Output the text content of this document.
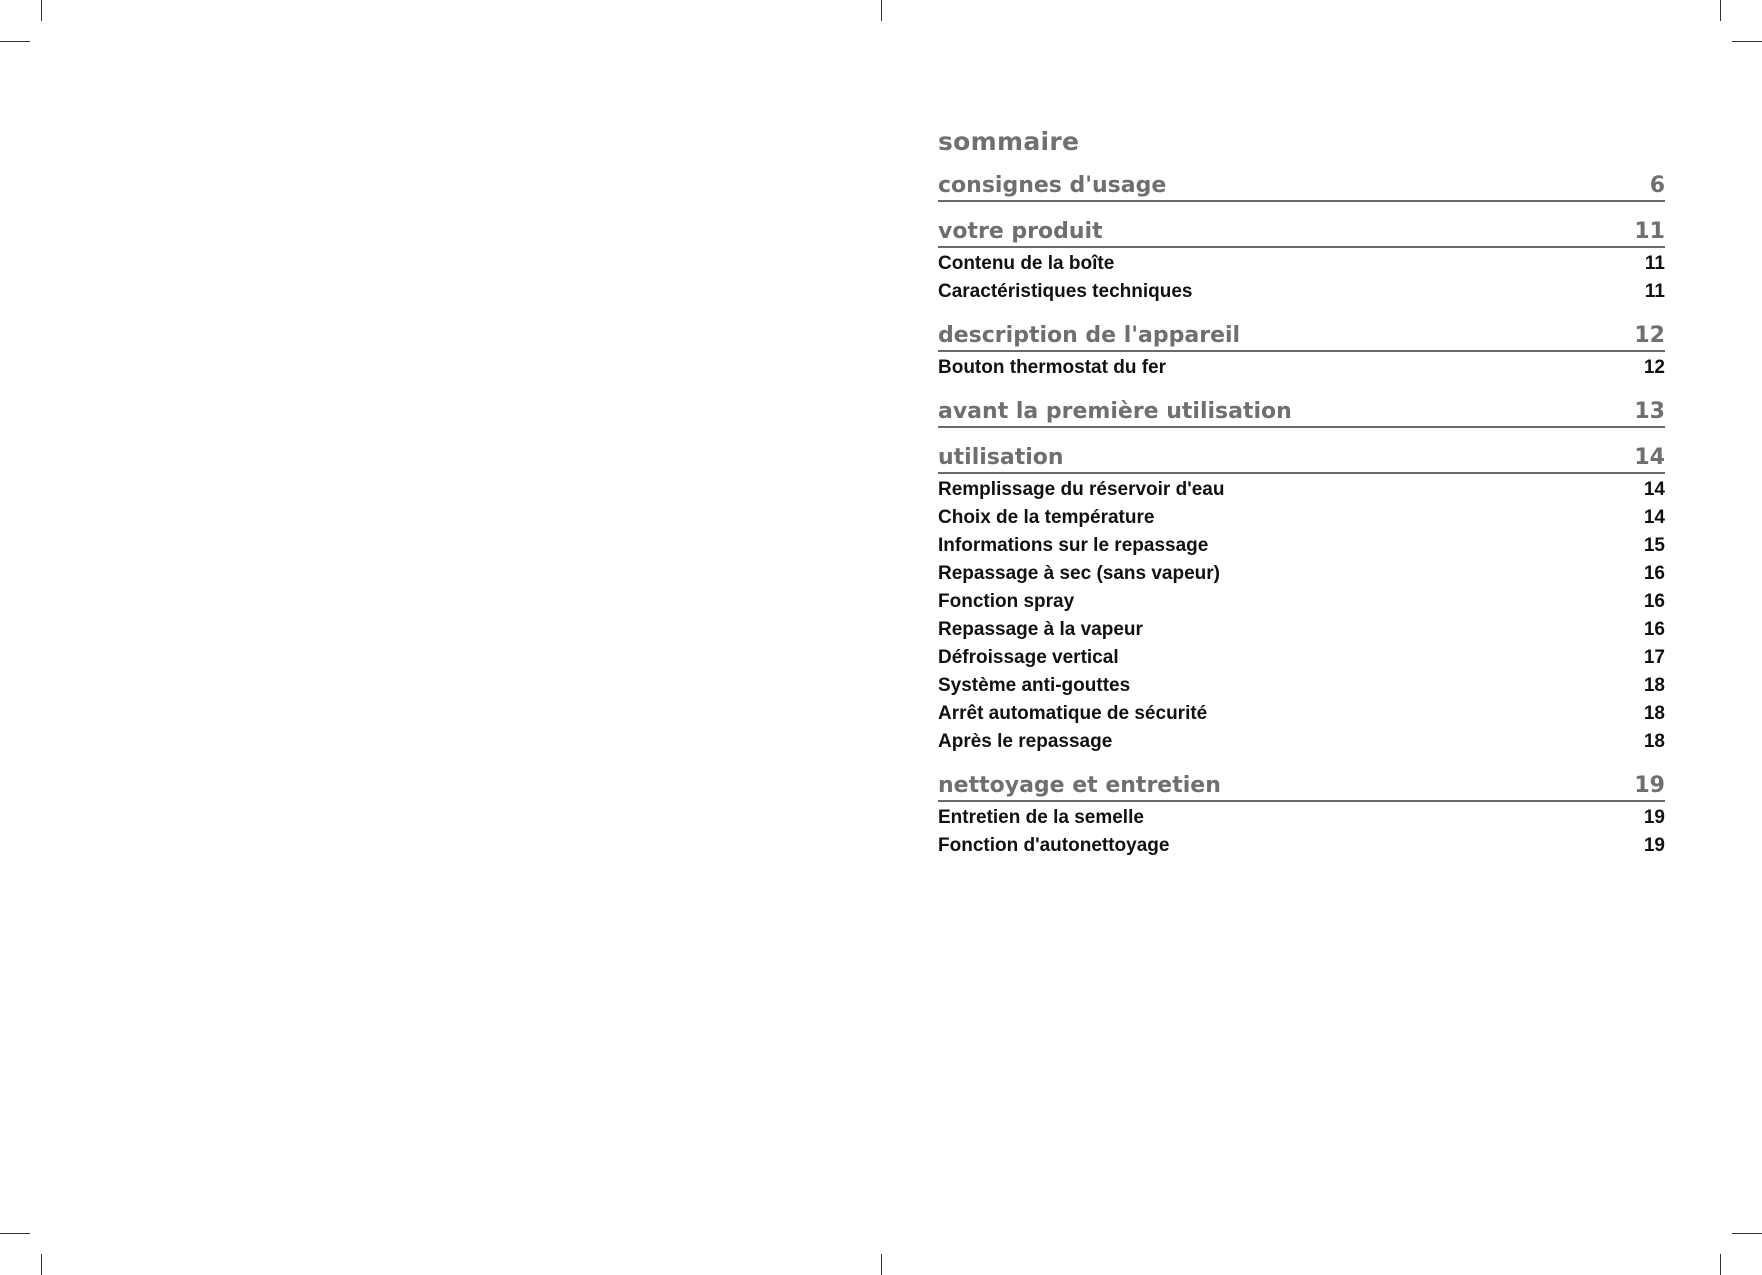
sommaire
consignes d'usage	6
votre produit	11
Contenu de la boîte	11
Caractéristiques techniques	11
description de l'appareil	12
Bouton thermostat du fer	12
avant la première utilisation	13
utilisation	14
Remplissage du réservoir d'eau	14
Choix de la température	14
Informations sur le repassage	15
Repassage à sec (sans vapeur)	16
Fonction spray	16
Repassage à la vapeur	16
Défroissage vertical	17
Système anti-gouttes	18
Arrêt automatique de sécurité	18
Après le repassage	18
nettoyage et entretien	19
Entretien de la semelle	19
Fonction d'autonettoyage	19
